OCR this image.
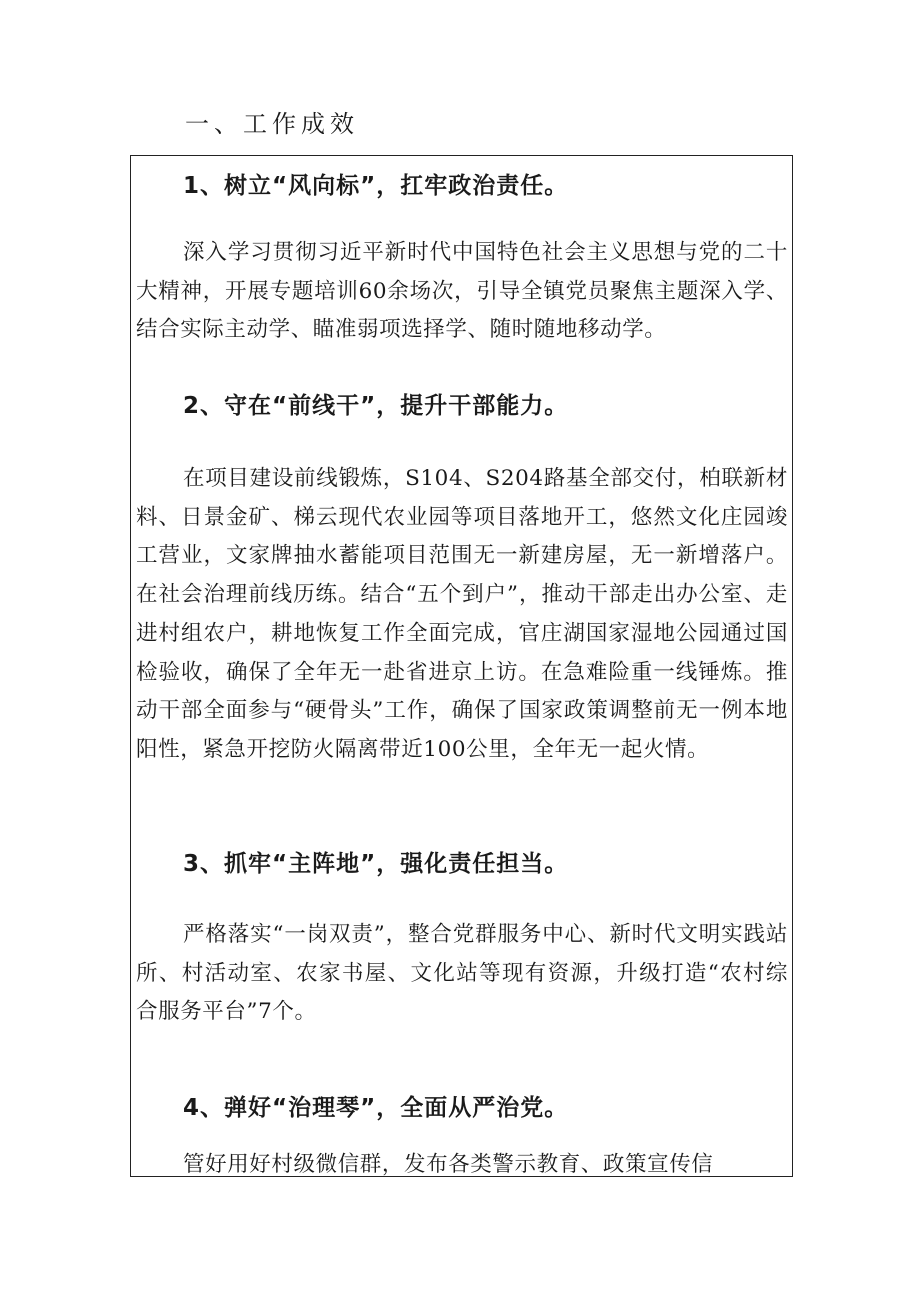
一、工作成效
1、树立“风向标”，扛牢政治责任。

深入学习贯彻习近平新时代中国特色社会主义思想与党的二十大精神，开展专题培训60余场次，引导全镇党员聚焦主题深入学、结合实际主动学、瞄准弱项选择学、随时随地移动学。

2、守在“前线干”，提升干部能力。

在项目建设前线锻炼，S104、S204路基全部交付，柏联新材料、日景金矿、梯云现代农业园等项目落地开工，悠然文化庄园竣工营业，文家牌抽水蓄能项目范围无一新建房屋，无一新增落户。在社会治理前线历练。结合“五个到户”，推动干部走出办公室、走进村组农户，耕地恢复工作全面完成，官庄湖国家湿地公园通过国检验收，确保了全年无一赴省进京上访。在急难险重一线锤炼。推动干部全面参与“硬骨头”工作，确保了国家政策调整前无一例本地阳性，紧急开挖防火隔离带近100公里，全年无一起火情。

3、抓牢“主阵地”，强化责任担当。

严格落实“一岗双责”，整合党群服务中心、新时代文明实践站所、村活动室、农家书屋、文化站等现有资源，升级打造“农村综合服务平台”7个。

4、弹好“治理琴”，全面从严治党。

管好用好村级微信群，发布各类警示教育、政策宣传信
